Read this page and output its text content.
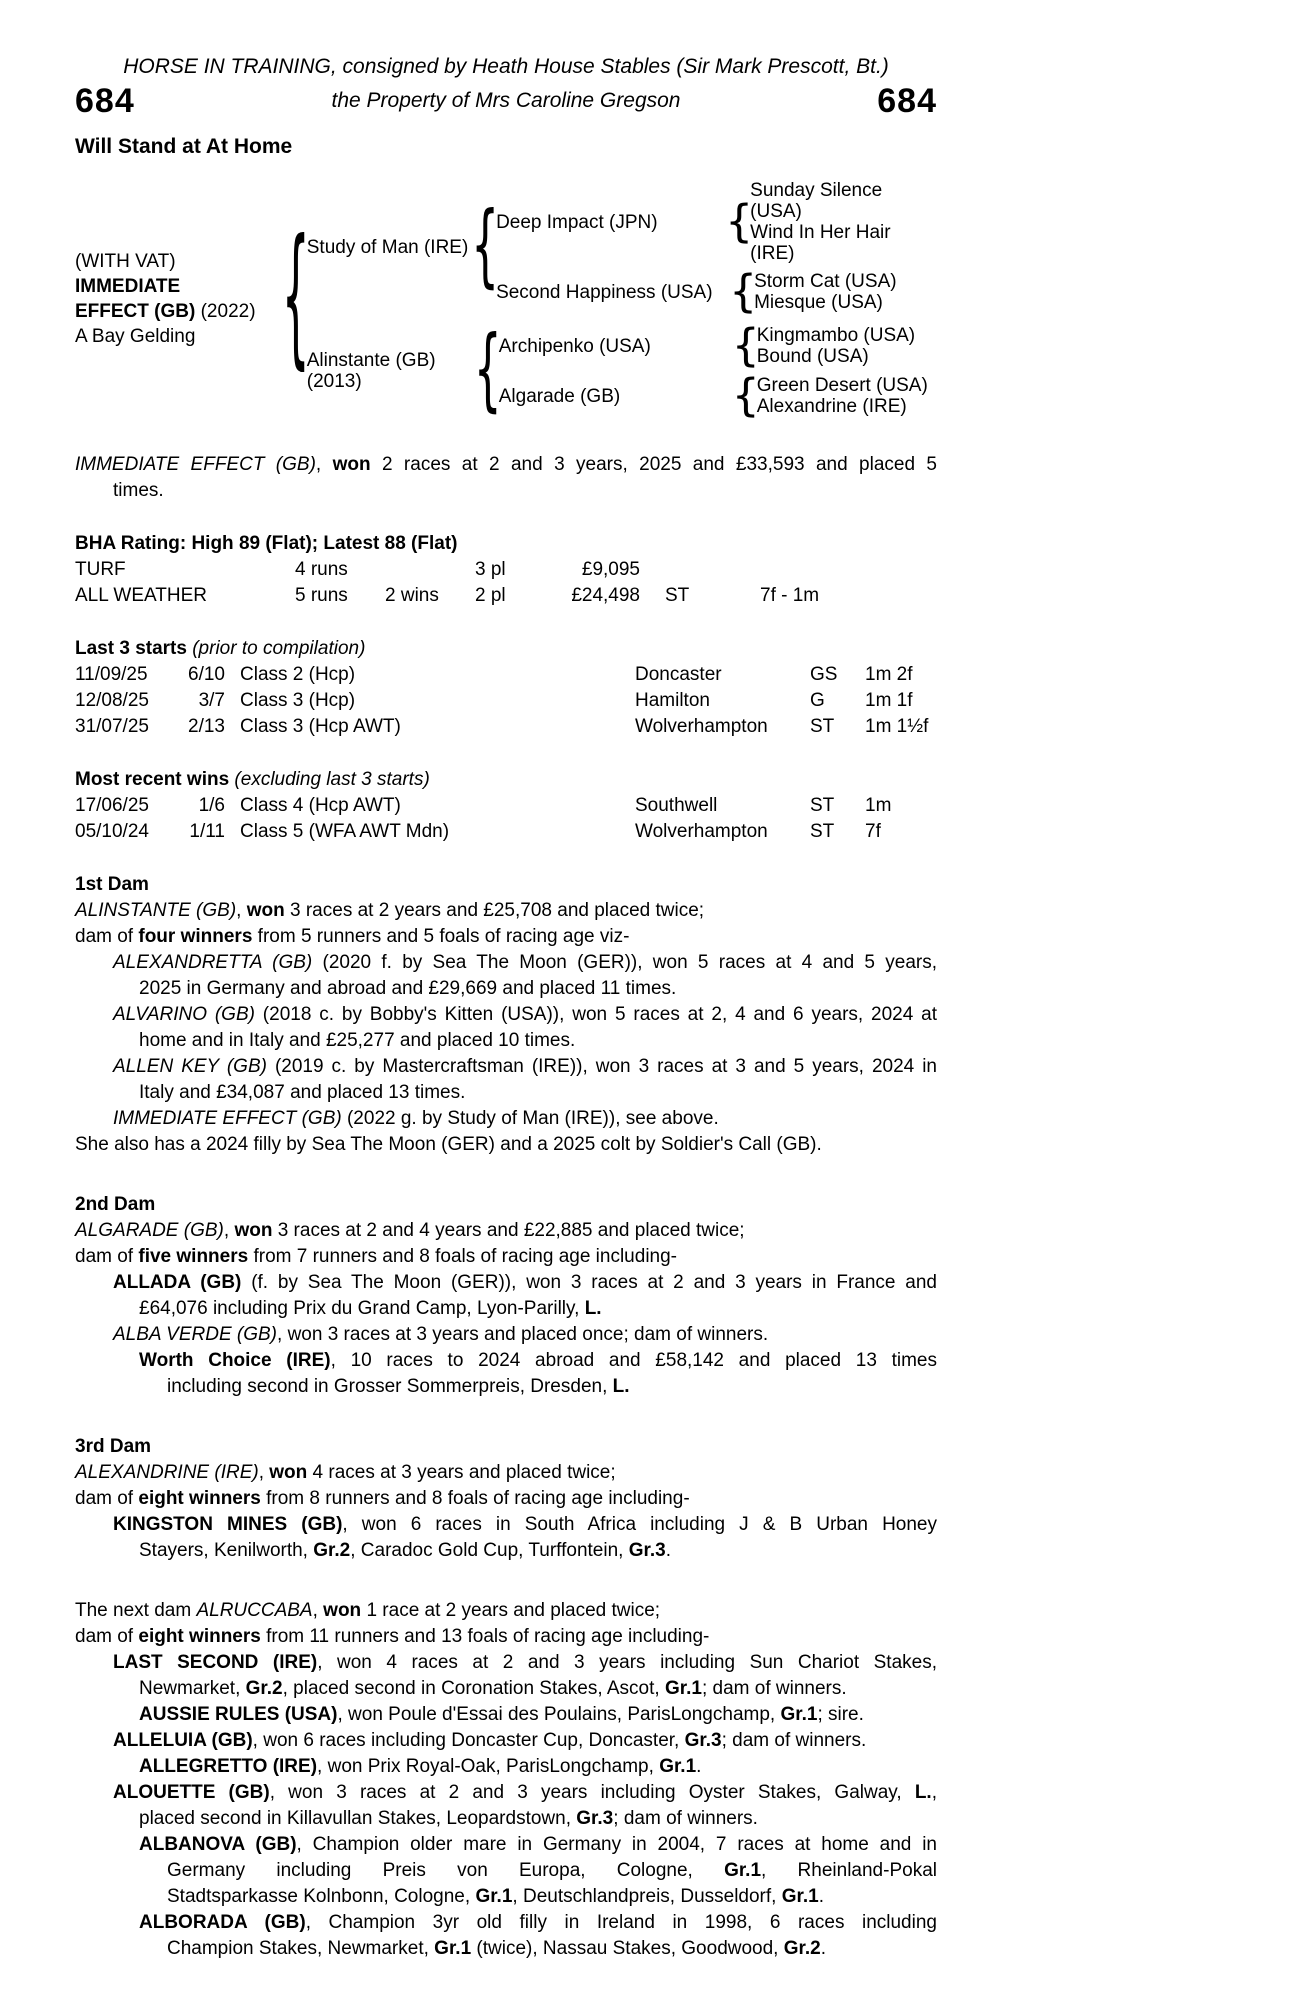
HORSE IN TRAINING, consigned by Heath House Stables (Sir Mark Prescott, Bt.)
684	the Property of Mrs Caroline Gregson	684
Will Stand at At Home
(WITH VAT)
IMMEDIATE
EFFECT (GB) (2022)
A Bay Gelding	{
Study of Man (IRE) {
Deep Impact (JPN)	{
Sunday Silence (USA)
Wind In Her Hair (IRE)
Second Happiness (USA) {
Storm Cat (USA)
Miesque (USA)
Alinstante (GB)
(2013)	{
Archipenko (USA)	{
Kingmambo (USA)
Bound (USA)
Algarade (GB)	{
Green Desert (USA)
Alexandrine (IRE)
IMMEDIATE EFFECT (GB), won 2 races at 2 and 3 years, 2025 and £33,593 and placed 5
times.
BHA Rating: High 89 (Flat); Latest 88 (Flat)
TURF	4 runs	3 pl	£9,095
ALL WEATHER	5 runs	2 wins	2 pl	£24,498	ST	7f - 1m
Last 3 starts (prior to compilation)
11/09/25	6/10 Class 2 (Hcp)	Doncaster	GS	1m 2f
12/08/25	3/7 Class 3 (Hcp)	Hamilton	G	1m 1f
31/07/25	2/13 Class 3 (Hcp AWT)	Wolverhampton	ST	1m 1½f
Most recent wins (excluding last 3 starts)
17/06/25	1/6 Class 4 (Hcp AWT)	Southwell	ST	1m
05/10/24	1/11 Class 5 (WFA AWT Mdn)	Wolverhampton	ST	7f
1st Dam
ALINSTANTE (GB), won 3 races at 2 years and £25,708 and placed twice;
dam of four winners from 5 runners and 5 foals of racing age viz-
ALEXANDRETTA (GB) (2020 f. by Sea The Moon (GER)), won 5 races at 4 and 5 years,
2025 in Germany and abroad and £29,669 and placed 11 times.
ALVARINO (GB) (2018 c. by Bobby's Kitten (USA)), won 5 races at 2, 4 and 6 years, 2024 at
home and in Italy and £25,277 and placed 10 times.
ALLEN KEY (GB) (2019 c. by Mastercraftsman (IRE)), won 3 races at 3 and 5 years, 2024 in
Italy and £34,087 and placed 13 times.
IMMEDIATE EFFECT (GB) (2022 g. by Study of Man (IRE)), see above.
She also has a 2024 filly by Sea The Moon (GER) and a 2025 colt by Soldier's Call (GB).
2nd Dam
ALGARADE (GB), won 3 races at 2 and 4 years and £22,885 and placed twice;
dam of five winners from 7 runners and 8 foals of racing age including-
ALLADA (GB) (f. by Sea The Moon (GER)), won 3 races at 2 and 3 years in France and
£64,076 including Prix du Grand Camp, Lyon-Parilly, L.
ALBA VERDE (GB), won 3 races at 3 years and placed once; dam of winners.
Worth Choice (IRE), 10 races to 2024 abroad and £58,142 and placed 13 times
including second in Grosser Sommerpreis, Dresden, L.
3rd Dam
ALEXANDRINE (IRE), won 4 races at 3 years and placed twice;
dam of eight winners from 8 runners and 8 foals of racing age including-
KINGSTON MINES (GB), won 6 races in South Africa including J & B Urban Honey
Stayers, Kenilworth, Gr.2, Caradoc Gold Cup, Turffontein, Gr.3.
The next dam ALRUCCABA, won 1 race at 2 years and placed twice;
dam of eight winners from 11 runners and 13 foals of racing age including-
LAST SECOND (IRE), won 4 races at 2 and 3 years including Sun Chariot Stakes,
Newmarket, Gr.2, placed second in Coronation Stakes, Ascot, Gr.1; dam of winners.
AUSSIE RULES (USA), won Poule d'Essai des Poulains, ParisLongchamp, Gr.1; sire.
ALLELUIA (GB), won 6 races including Doncaster Cup, Doncaster, Gr.3; dam of winners.
ALLEGRETTO (IRE), won Prix Royal-Oak, ParisLongchamp, Gr.1.
ALOUETTE (GB), won 3 races at 2 and 3 years including Oyster Stakes, Galway, L.,
placed second in Killavullan Stakes, Leopardstown, Gr.3; dam of winners.
ALBANOVA (GB), Champion older mare in Germany in 2004, 7 races at home and in
Germany including Preis von Europa, Cologne, Gr.1, Rheinland-Pokal
Stadtsparkasse Kolnbonn, Cologne, Gr.1, Deutschlandpreis, Dusseldorf, Gr.1.
ALBORADA (GB), Champion 3yr old filly in Ireland in 1998, 6 races including
Champion Stakes, Newmarket, Gr.1 (twice), Nassau Stakes, Goodwood, Gr.2.
